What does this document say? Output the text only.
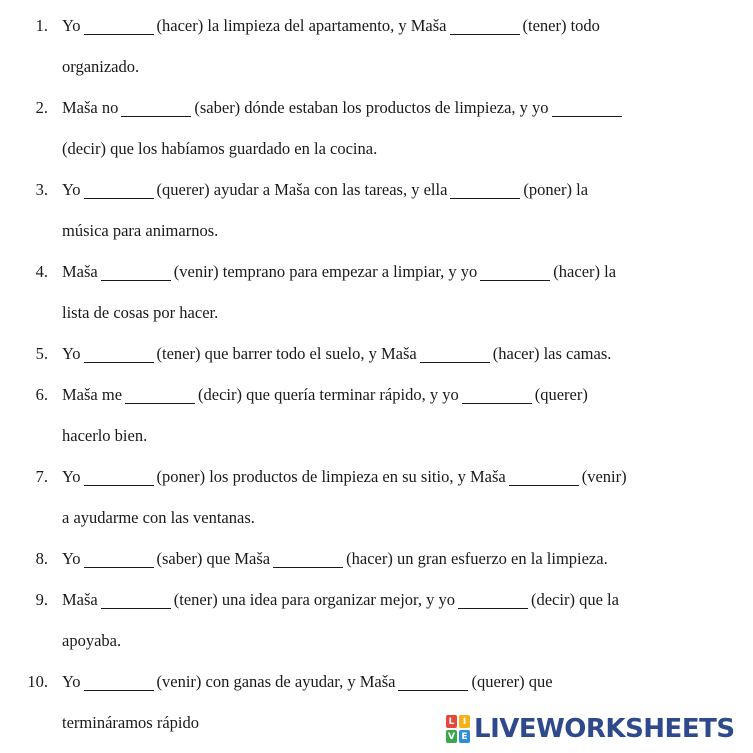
1. Yo	(hacer) la limpieza del apartamento, y Maša	(tener) todo
organizado.
2. Maša no	(saber) dónde estaban los productos de limpieza, y yo
(decir) que los habíamos guardado en la cocina.
3. Yo	(querer) ayudar a Maša con las tareas, y ella	(poner) la
música para animarnos.
4. Maša	(venir) temprano para empezar a limpiar, y yo	(hacer) la
lista de cosas por hacer.
5. Yo	(tener) que barrer todo el suelo, y Maša	(hacer) las camas.
6. Maša me	(decir) que quería terminar rápido, y yo	(querer)
hacerlo bien.
7. Yo	(poner) los productos de limpieza en su sitio, y Maša	(venir)
a ayudarme con las ventanas.
8. Yo	(saber) que Maša	(hacer) un gran esfuerzo en la limpieza.
9. Maša	(tener) una idea para organizar mejor, y yo	(decir) que la
apoyaba.
10. Yo	(venir) con ganas de ayudar, y Maša	(querer) que
termináramos rápido	L I
V E LIVEWORKSHEETS
